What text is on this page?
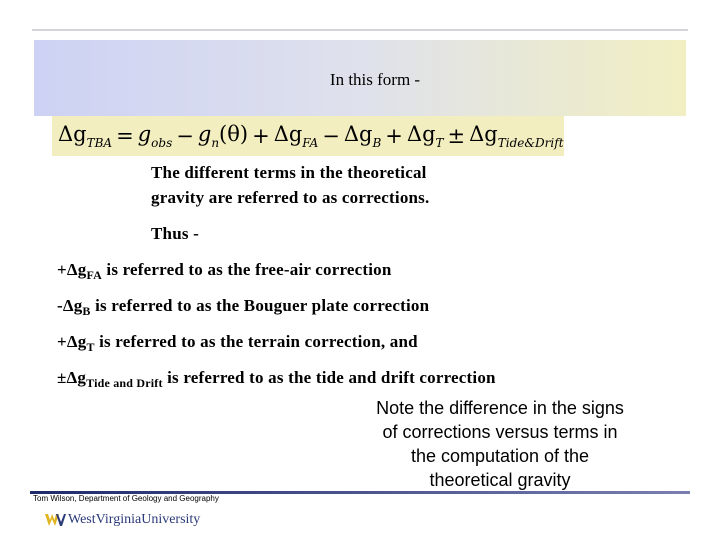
In this form -
$\Delta g_{TBA} = g_{obs} - g_n(\theta) + \Delta g_{FA} - \Delta g_B + \Delta g_T \pm \Delta g_{Tide\&Drift}$
The different terms in the theoretical
gravity are referred to as corrections.
Thus -
$+\Delta g_{FA}$ is referred to as the free-air correction
$-\Delta g_B$ is referred to as the Bouguer plate correction
$+\Delta g_T$ is referred to as the terrain correction, and
$\pm\Delta g_{Tide and Drift}$ is referred to as the tide and drift correction
Note the difference in the signs
of corrections versus terms in
the computation of the
theoretical gravity
Tom Wilson, Department of Geology and Geography
WestVirginiaUniversity
